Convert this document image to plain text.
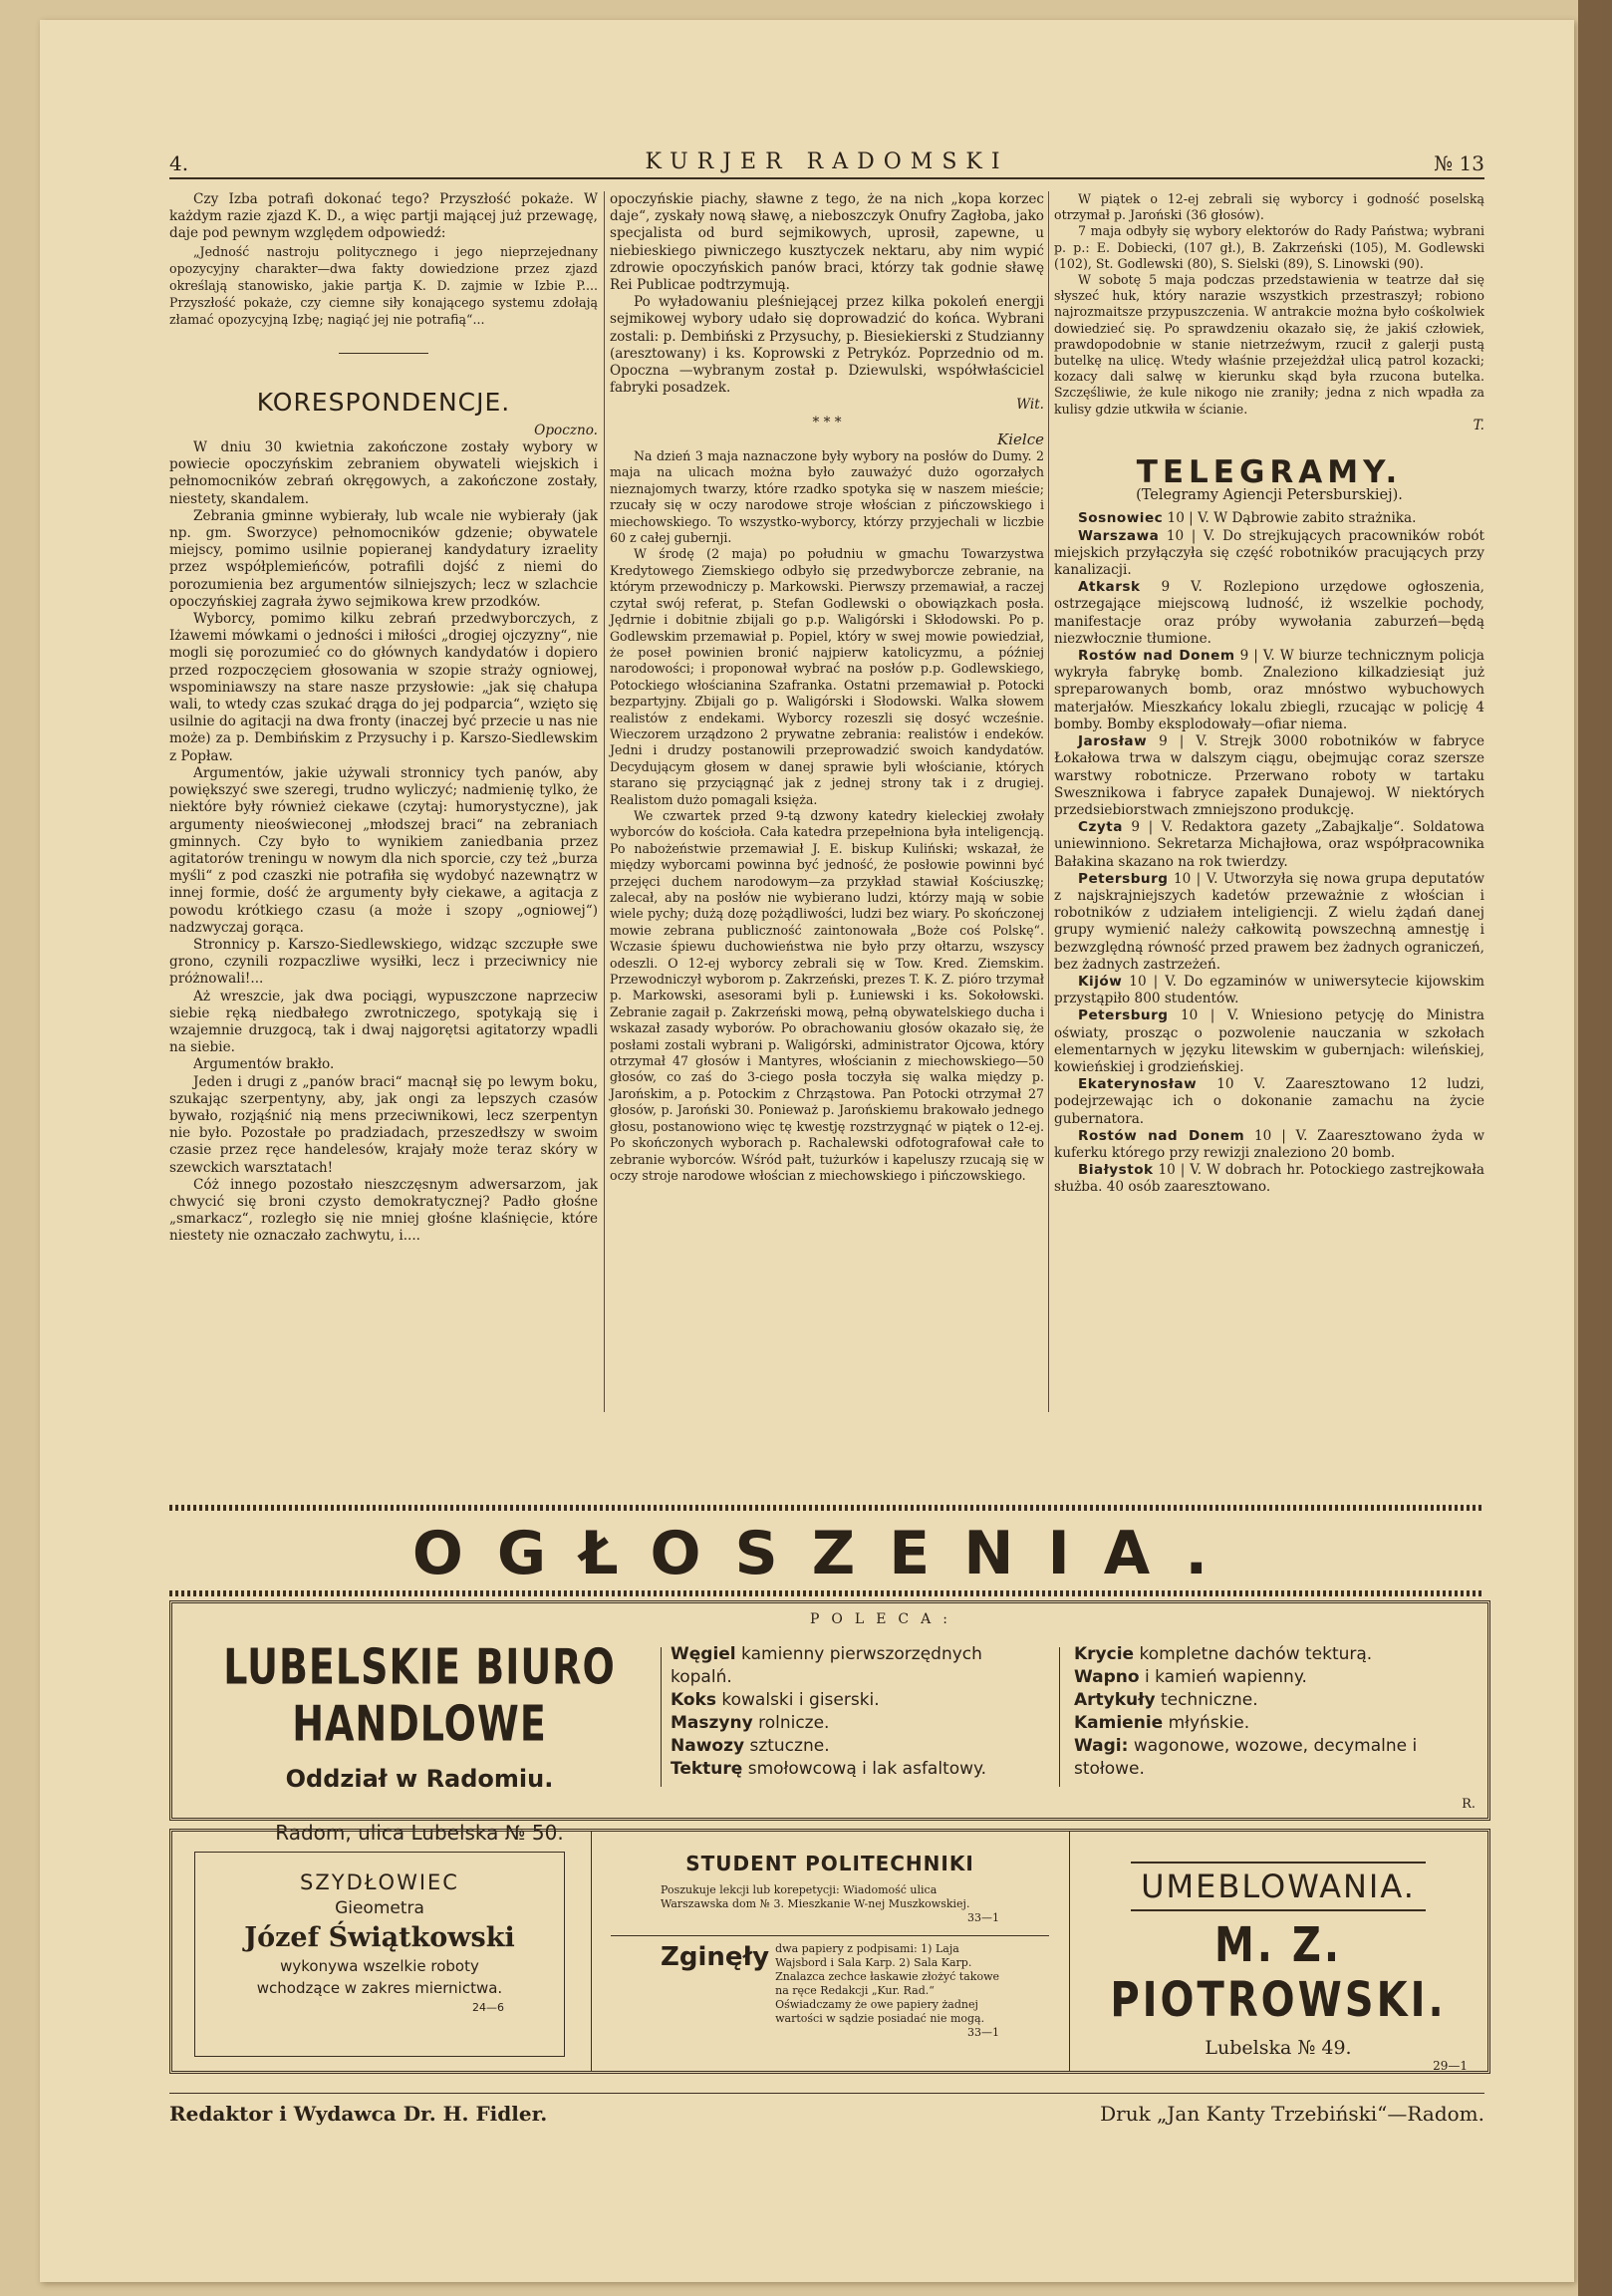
4.	KURJER RADOMSKI	№ 13

Czy Izba potrafi dokonać tego? Przyszłość pokaże. W każdym razie zjazd K. D., a więc partji mającej już przewagę, daje pod pewnym względem odpowiedź:

„Jedność nastroju politycznego i jego nieprzejednany opozycyjny charakter—dwa fakty dowiedzione przez zjazd określają stanowisko, jakie partja K. D. zajmie w Izbie P.... Przyszłość pokaże, czy ciemne siły konającego systemu zdołają złamać opozycyjną Izbę; nagiąć jej nie potrafią“...

KORESPONDENCJE.

Opoczno.

W dniu 30 kwietnia zakończone zostały wybory w powiecie opoczyńskim zebraniem obywateli wiejskich i pełnomocników zebrań okręgowych, a zakończone zostały, niestety, skandalem.

Zebrania gminne wybierały, lub wcale nie wybierały (jak np. gm. Sworzyce) pełnomocników gdzenie; obywatele miejscy, pomimo usilnie popieranej kandydatury izraelity przez współplemieńców, potrafili dojść z niemi do porozumienia bez argumentów silniejszych; lecz w szlachcie opoczyńskiej zagrała żywo sejmikowa krew przodków.

Wyborcy, pomimo kilku zebrań przedwyborczych, z Iżawemi mówkami o jedności i miłości „drogiej ojczyzny“, nie mogli się porozumieć co do głównych kandydatów i dopiero przed rozpoczęciem głosowania w szopie straży ogniowej, wspominiawszy na stare nasze przysłowie: „jak się chałupa wali, to wtedy czas szukać drąga do jej podparcia“, wzięto się usilnie do agitacji na dwa fronty (inaczej być przecie u nas nie może) za p. Dembińskim z Przysuchy i p. Karszo-Siedlewskim z Popław.

Argumentów, jakie używali stronnicy tych panów, aby powiększyć swe szeregi, trudno wyliczyć; nadmienię tylko, że niektóre były również ciekawe (czytaj: humorystyczne), jak argumenty nieoświeconej „młodszej braci“ na zebraniach gminnych. Czy było to wynikiem zaniedbania przez agitatorów treningu w nowym dla nich sporcie, czy też „burza myśli“ z pod czaszki nie potrafiła się wydobyć nazewnątrz w innej formie, dość że argumenty były ciekawe, a agitacja z powodu krótkiego czasu (a może i szopy „ogniowej“) nadzwyczaj gorąca.

Stronnicy p. Karszo-Siedlewskiego, widząc szczupłe swe grono, czynili rozpaczliwe wysiłki, lecz i przeciwnicy nie próżnowali!...

Aż wreszcie, jak dwa pociągi, wypuszczone naprzeciw siebie ręką niedbałego zwrotniczego, spotykają się i wzajemnie druzgocą, tak i dwaj najgorętsi agitatorzy wpadli na siebie.

Argumentów brakło.

Jeden i drugi z „panów braci“ macnął się po lewym boku, szukając szerpentyny, aby, jak ongi za lepszych czasów bywało, rozjąśnić nią mens przeciwnikowi, lecz szerpentyn nie było. Pozostałe po pradziadach, przeszedłszy w swoim czasie przez ręce handelesów, krajały może teraz skóry w szewckich warsztatach!

Cóż innego pozostało nieszczęsnym adwersarzom, jak chwycić się broni czysto demokratycznej? Padło głośne „smarkacz“, rozległo się nie mniej głośne klaśnięcie, które niestety nie oznaczało zachwytu, i....

opoczyńskie piachy, sławne z tego, że na nich „kopa korzec daje“, zyskały nową sławę, a nieboszczyk Onufry Zagłoba, jako specjalista od burd sejmikowych, uprosił, zapewne, u niebieskiego piwniczego kusztyczek nektaru, aby nim wypić zdrowie opoczyńskich panów braci, którzy tak godnie sławę Rei Publicae podtrzymują.

Po wyładowaniu pleśniejącej przez kilka pokoleń energji sejmikowej wybory udało się doprowadzić do końca. Wybrani zostali: p. Dembiński z Przysuchy, p. Biesiekierski z Studzianny (aresztowany) i ks. Koprowski z Petrykóz. Poprzednio od m. Opoczna —wybranym został p. Dziewulski, współwłaściciel fabryki posadzek.

Wit.

* * *

Kielce

Na dzień 3 maja naznaczone były wybory na posłów do Dumy. 2 maja na ulicach można było zauważyć dużo ogorzałych nieznajomych twarzy, które rzadko spotyka się w naszem mieście; rzucały się w oczy narodowe stroje włościan z pińczowskiego i miechowskiego. To wszystko-wyborcy, którzy przyjechali w liczbie 60 z całej gubernji.

W środę (2 maja) po południu w gmachu Towarzystwa Kredytowego Ziemskiego odbyło się przedwyborcze zebranie, na którym przewodniczy p. Markowski. Pierwszy przemawiał, a raczej czytał swój referat, p. Stefan Godlewski o obowiązkach posła. Jędrnie i dobitnie zbijali go p.p. Waligórski i Skłodowski. Po p. Godlewskim przemawiał p. Popiel, który w swej mowie powiedział, że poseł powinien bronić najpierw katolicyzmu, a później narodowości; i proponował wybrać na posłów p.p. Godlewskiego, Potockiego włościanina Szafranka. Ostatni przemawiał p. Potocki bezpartyjny. Zbijali go p. Waligórski i Słodowski. Walka słowem realistów z endekami. Wyborcy rozeszli się dosyć wcześnie. Wieczorem urządzono 2 prywatne zebrania: realistów i endeków. Jedni i drudzy postanowili przeprowadzić swoich kandydatów. Decydującym głosem w danej sprawie byli włościanie, których starano się przyciągnąć jak z jednej strony tak i z drugiej. Realistom dużo pomagali księża.

We czwartek przed 9-tą dzwony katedry kieleckiej zwołały wyborców do kościoła. Cała katedra przepełniona była inteligencją. Po nabożeństwie przemawiał J. E. biskup Kuliński; wskazał, że między wyborcami powinna być jedność, że posłowie powinni być przejęci duchem narodowym—za przykład stawiał Kościuszkę; zalecał, aby na posłów nie wybierano ludzi, którzy mają w sobie wiele pychy; dużą dozę pożądliwości, ludzi bez wiary. Po skończonej mowie zebrana publiczność zaintonowała „Boże coś Polskę“. Wczasie śpiewu duchowieństwa nie było przy ołtarzu, wszyscy odeszli. O 12-ej wyborcy zebrali się w Tow. Kred. Ziemskim. Przewodniczył wyborom p. Zakrzeński, prezes T. K. Z. pióro trzymał p. Markowski, asesorami byli p. Łuniewski i ks. Sokołowski. Zebranie zagaił p. Zakrzeński mową, pełną obywatelskiego ducha i wskazał zasady wyborów. Po obrachowaniu głosów okazało się, że posłami zostali wybrani p. Waligórski, administrator Ojcowa, który otrzymał 47 głosów i Mantyres, włościanin z miechowskiego—50 głosów, co zaś do 3-ciego posła toczyła się walka między p. Jarońskim, a p. Potockim z Chrząstowa. Pan Potocki otrzymał 27 głosów, p. Jaroński 30. Ponieważ p. Jarońskiemu brakowało jednego głosu, postanowiono więc tę kwestję rozstrzygnąć w piątek o 12-ej. Po skończonych wyborach p. Rachalewski odfotografował całe to zebranie wyborców. Wśród pałt, tużurków i kapeluszy rzucają się w oczy stroje narodowe włościan z miechowskiego i pińczowskiego.

W piątek o 12-ej zebrali się wyborcy i godność poselską otrzymał p. Jaroński (36 głosów).

7 maja odbyły się wybory elektorów do Rady Państwa; wybrani p. p.: E. Dobiecki, (107 gł.), B. Zakrzeński (105), M. Godlewski (102), St. Godlewski (80), S. Sielski (89), S. Linowski (90).

W sobotę 5 maja podczas przedstawienia w teatrze dał się słyszeć huk, który narazie wszystkich przestraszył; robiono najrozmaitsze przypuszczenia. W antrakcie można było cośkolwiek dowiedzieć się. Po sprawdzeniu okazało się, że jakiś człowiek, prawdopodobnie w stanie nietrzeźwym, rzucił z galerji pustą butelkę na ulicę. Wtedy właśnie przejeżdżał ulicą patrol kozacki; kozacy dali salwę w kierunku skąd była rzucona butelka. Szczęśliwie, że kule nikogo nie zraniły; jedna z nich wpadła za kulisy gdzie utkwiła w ścianie.

T.

TELEGRAMY.

(Telegramy Agiencji Petersburskiej).

Sosnowiec 10 | V. W Dąbrowie zabito strażnika.

Warszawa 10 | V. Do strejkujących pracowników robót miejskich przyłączyła się część robotników pracujących przy kanalizacji.

Atkarsk 9 V. Rozlepiono urzędowe ogłoszenia, ostrzegające miejscową ludność, iż wszelkie pochody, manifestacje oraz próby wywołania zaburzeń—będą niezwłocznie tłumione.

Rostów nad Donem 9 | V. W biurze technicznym policja wykryła fabrykę bomb. Znaleziono kilkadziesiąt już spreparowanych bomb, oraz mnóstwo wybuchowych materjałów. Mieszkańcy lokalu zbiegli, rzucając w policję 4 bomby. Bomby eksplodowały—ofiar niema.

Jarosław 9 | V. Strejk 3000 robotników w fabryce Łokałowa trwa w dalszym ciągu, obejmując coraz szersze warstwy robotnicze. Przerwano roboty w tartaku Swesznikowa i fabryce zapałek Dunajewoj. W niektórych przedsiebiorstwach zmniejszono produkcję.

Czyta 9 | V. Redaktora gazety „Zabajkalje“. Soldatowa uniewinniono. Sekretarza Michajłowa, oraz współpracownika Bałakina skazano na rok twierdzy.

Petersburg 10 | V. Utworzyła się nowa grupa deputatów z najskrajniejszych kadetów przeważnie z włościan i robotników z udziałem inteligiencji. Z wielu żądań danej grupy wymienić należy całkowitą powszechną amnestję i bezwzględną równość przed prawem bez żadnych ograniczeń, bez żadnych zastrzeżeń.

Kijów 10 | V. Do egzaminów w uniwersytecie kijowskim przystąpiło 800 studentów.

Petersburg 10 | V. Wniesiono petycję do Ministra oświaty, prosząc o pozwolenie nauczania w szkołach elementarnych w języku litewskim w gubernjach: wileńskiej, kowieńskiej i grodzieńskiej.

Ekaterynosław 10 V. Zaaresztowano 12 ludzi, podejrzewając ich o dokonanie zamachu na życie gubernatora.

Rostów nad Donem 10 | V. Zaaresztowano żyda w kuferku którego przy rewizji znaleziono 20 bomb.

Białystok 10 | V. W dobrach hr. Potockiego zastrejkowała służba. 40 osób zaaresztowano.

OGŁOSZENIA.
LUBELSKIE BIURO HANDLOWE
Oddział w Radomiu.
Radom, ulica Lubelska № 50.
POLECA:
Węgiel kamienny pierwszorzędnych kopalń.
Koks kowalski i giserski.
Maszyny rolnicze.
Nawozy sztuczne.
Tekturę smołowcową i lak asfaltowy.
Krycie kompletne dachów tekturą.
Wapno i kamień wapienny.
Artykuły techniczne.
Kamienie młyńskie.
Wagi: wagonowe, wozowe, decymalne i stołowe.
R.
SZYDŁOWIEC
Gieometra
Józef Świątkowski
wykonywa wszelkie roboty
wchodzące w zakres miernictwa.
24—6
STUDENT POLITECHNIKI
Poszukuje lekcji lub korepetycji: Wiadomość ulica Warszawska dom № 3. Mieszkanie W-nej Muszkowskiej.
33—1
Zginęły dwa papiery z podpisami: 1) Laja Wajsbord i Sala Karp. 2) Sala Karp. Znalazca zechce łaskawie złożyć takowe na ręce Redakcji „Kur. Rad.“ Oświadczamy że owe papiery żadnej wartości w sądzie posiadać nie mogą.
33—1
UMEBLOWANIA.
M. Z. PIOTROWSKI.
Lubelska № 49.
29—1
Redaktor i Wydawca Dr. H. Fidler.	Druk „Jan Kanty Trzebiński“—Radom.
